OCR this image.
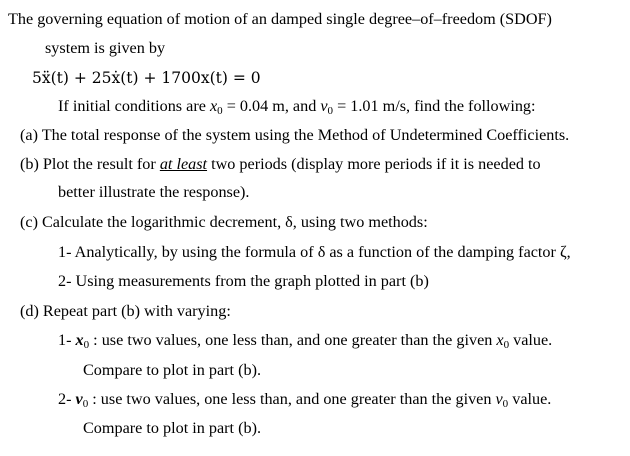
The governing equation of motion of an damped single degree–of–freedom (SDOF)
system is given by
5ẍ(t) + 25ẋ(t) + 1700x(t) = 0
If initial conditions are $x_0 = 0.04$ m, and $v_0 = 1.01$ m/s, find the following:
(a) The total response of the system using the Method of Undetermined Coefficients.
(b) Plot the result for at least two periods (display more periods if it is needed to
better illustrate the response).
(c) Calculate the logarithmic decrement, δ, using two methods:
1- Analytically, by using the formula of δ as a function of the damping factor ζ,
2- Using measurements from the graph plotted in part (b)
(d) Repeat part (b) with varying:
1- $x_0$ : use two values, one less than, and one greater than the given $x_0$ value.
Compare to plot in part (b).
2- $v_0$ : use two values, one less than, and one greater than the given $v_0$ value.
Compare to plot in part (b).
